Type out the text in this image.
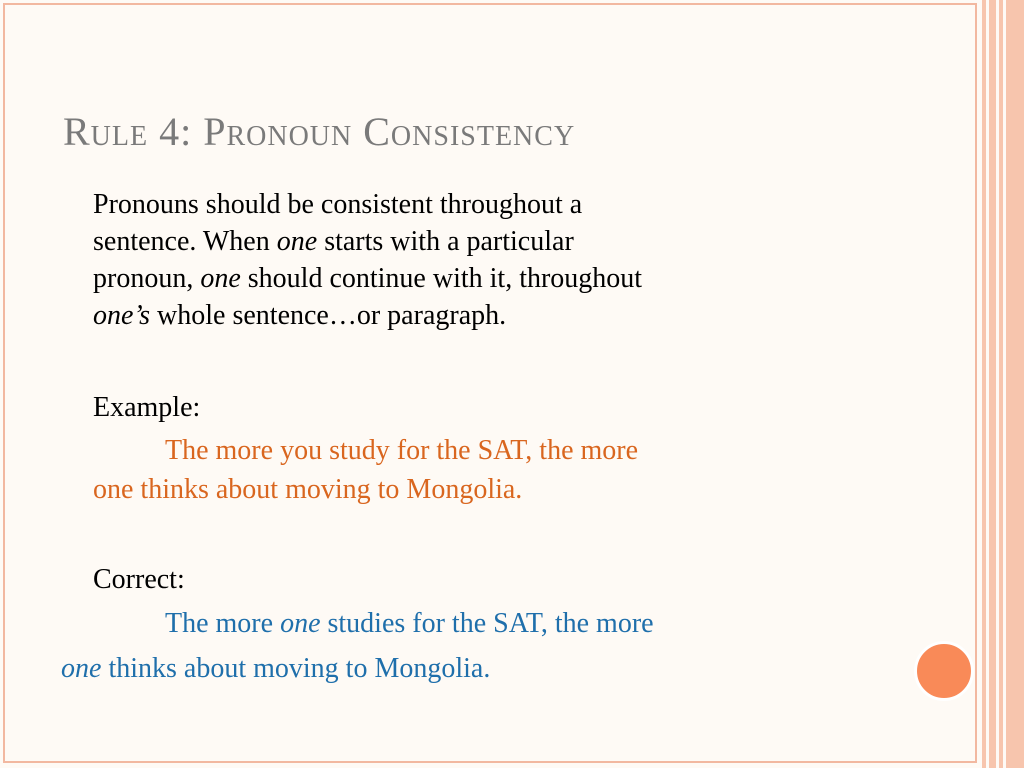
Rule 4: Pronoun Consistency
Pronouns should be consistent throughout a
sentence. When one starts with a particular
pronoun, one should continue with it, throughout
one’s whole sentence…or paragraph.
Example:
The more you study for the SAT, the more
one thinks about moving to Mongolia.
Correct:
The more one studies for the SAT, the more
one thinks about moving to Mongolia.
